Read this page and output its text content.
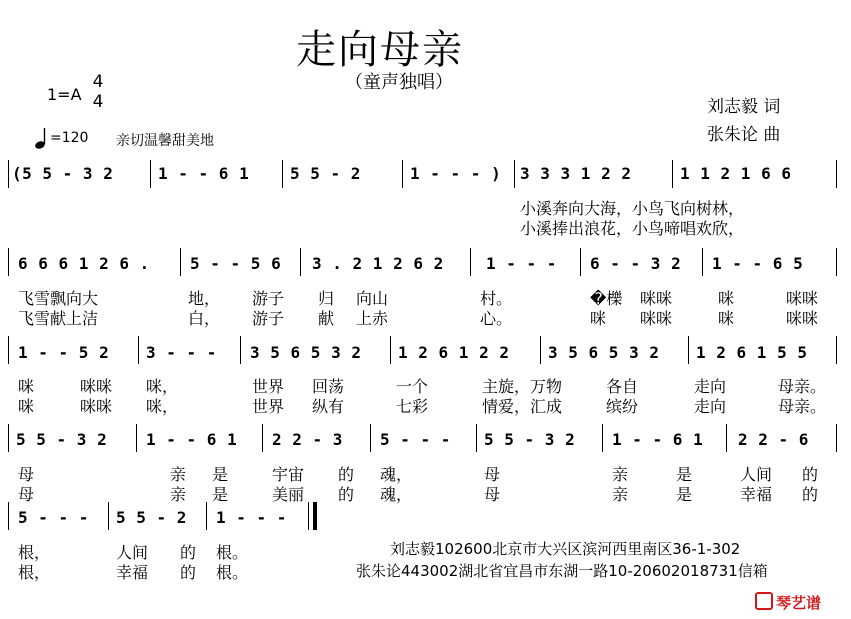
走向母亲
（童声独唱）
1=A
4
4
=120 亲切温馨甜美地
刘志毅 词
张朱论 曲
(5 5 - 3 2	1 - - 6 1	5 5 - 2	1 - - - ) 3 3 3 1 2 2	1 1 2 1 6 6
小溪奔向大海，小鸟飞向树林，
小溪捧出浪花，小鸟啼唱欢欣，
6 6 6 1 2 6 .	5 - - 5 6 3 . 2 1 2 6 2	1 - - - 6 - - 3 2 1 - - 6 5
飞雪飘向大	地， 游子 归 向山	村。	�櫟 咪咪	咪	咪咪
飞雪献上洁	白， 游子 献 上赤	心。	咪 咪咪	咪	咪咪
1 - - 5 2 3 - - - 3 5 6 5 3 2 1 2 6 1 2 2 3 5 6 5 3 2 1 2 6 1 5 5
咪	咪咪 咪，	世界 回荡	一个	主旋，万物	各自	走向	母亲。
咪	咪咪 咪，	世界 纵有	七彩	情爱，汇成	缤纷	走向	母亲。
5 5 - 3 2 1 - - 6 1 2 2 - 3 5 - - - 5 5 - 3 2 1 - - 6 1 2 2 - 6
母	亲 是	宇宙 的 魂，	母	亲	是	人间 的
母	亲 是	美丽 的 魂，	母	亲	是	幸福 的
5 - - - 5 5 - 2 1 - - -
根，	人间 的 根。
根，	幸福 的 根。
刘志毅102600北京市大兴区滨河西里南区36-1-302
张朱论443002湖北省宜昌市东湖一路10-20602018731信箱
琴艺谱
